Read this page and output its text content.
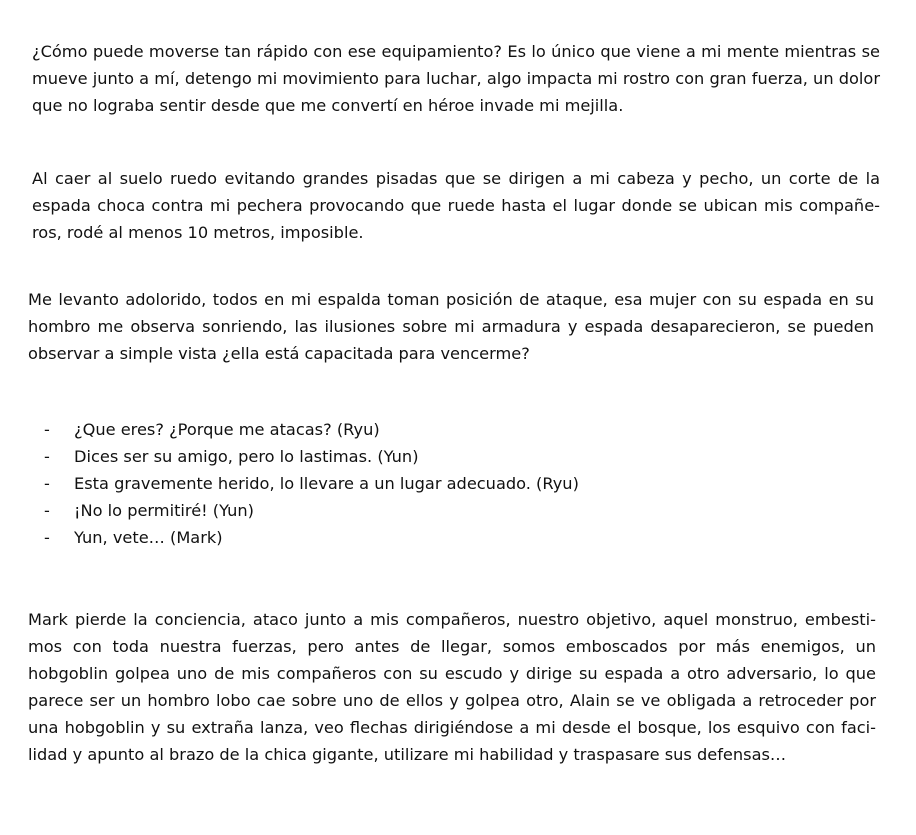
¿Cómo puede moverse tan rápido con ese equipamiento? Es lo único que viene a mi mente mientras se mueve junto a mí, detengo mi movimiento para luchar, algo impacta mi rostro con gran fuerza, un dolor que no lograba sentir desde que me convertí en héroe invade mi mejilla.

Al caer al suelo ruedo evitando grandes pisadas que se dirigen a mi cabeza y pecho, un corte de la espada choca contra mi pechera provocando que ruede hasta el lugar donde se ubican mis compañeros, rodé al menos 10 metros, imposible.

Me levanto adolorido, todos en mi espalda toman posición de ataque, esa mujer con su espada en su hombro me observa sonriendo, las ilusiones sobre mi armadura y espada desaparecieron, se pueden observar a simple vista ¿ella está capacitada para vencerme?

-	¿Que eres? ¿Porque me atacas? (Ryu)
-	Dices ser su amigo, pero lo lastimas. (Yun)
-	Esta gravemente herido, lo llevare a un lugar adecuado. (Ryu)
-	¡No lo permitiré! (Yun)
-	Yun, vete… (Mark)

Mark pierde la conciencia, ataco junto a mis compañeros, nuestro objetivo, aquel monstruo, embestimos con toda nuestra fuerzas, pero antes de llegar, somos emboscados por más enemigos, un hobgoblin golpea uno de mis compañeros con su escudo y dirige su espada a otro adversario, lo que parece ser un hombro lobo cae sobre uno de ellos y golpea otro, Alain se ve obligada a retroceder por una hobgoblin y su extraña lanza, veo flechas dirigiéndose a mi desde el bosque, los esquivo con facilidad y apunto al brazo de la chica gigante, utilizare mi habilidad y traspasare sus defensas…
